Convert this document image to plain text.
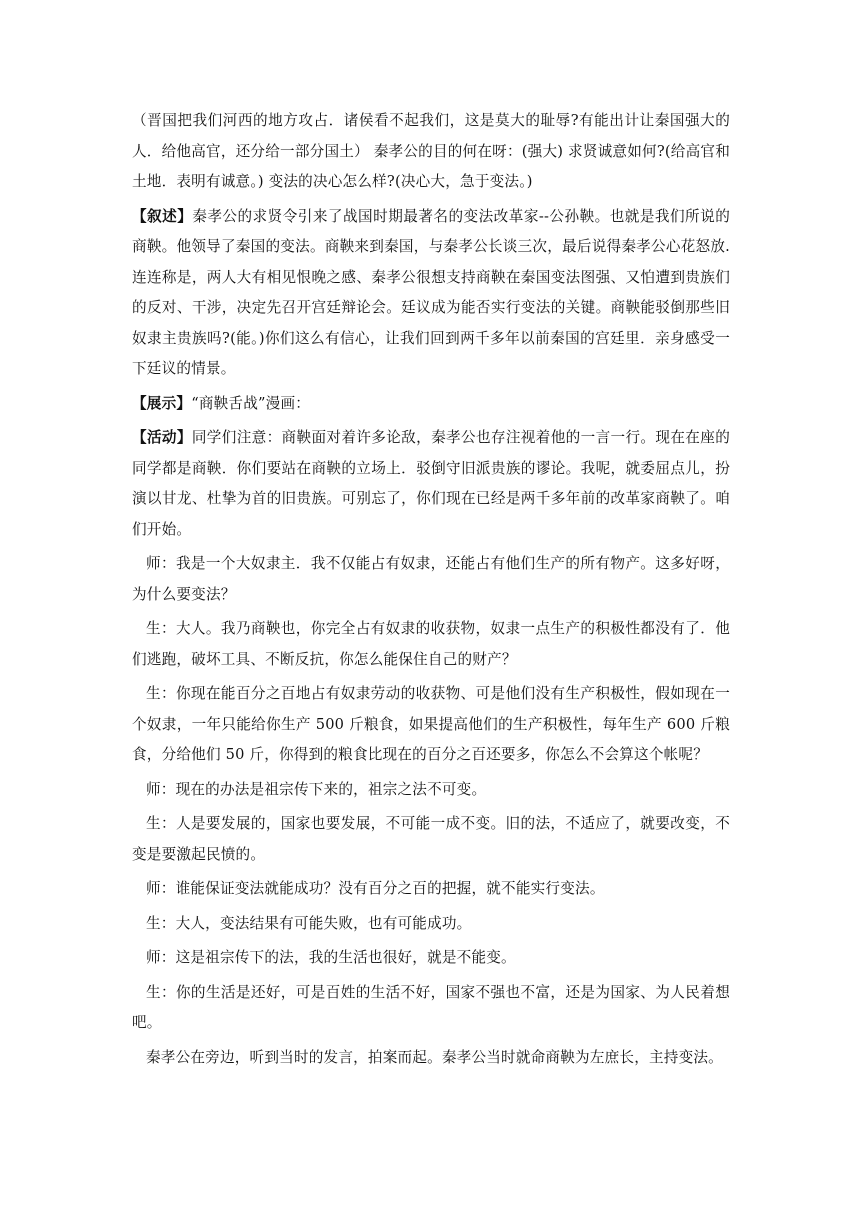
（晋国把我们河西的地方攻占．诸侯看不起我们，这是莫大的耻辱?有能出计让秦国强大的人．给他高官，还分给一部分国土） 秦孝公的目的何在呀：(强大) 求贤诚意如何?(给高官和土地．表明有诚意。) 变法的决心怎么样?(决心大，急于变法。)

【叙述】秦孝公的求贤令引来了战国时期最著名的变法改革家--公孙鞅。也就是我们所说的商鞅。他领导了秦国的变法。商鞅来到秦国，与秦孝公长谈三次，最后说得秦孝公心花怒放.连连称是，两人大有相见恨晚之感、秦孝公很想支持商鞅在秦国变法图强、又怕遭到贵族们的反对、干涉，决定先召开宫廷辩论会。廷议成为能否实行变法的关键。商鞅能驳倒那些旧奴隶主贵族吗?(能。)你们这么有信心，让我们回到两千多年以前秦国的宫廷里．亲身感受一下廷议的情景。

【展示】“商鞅舌战”漫画：

【活动】同学们注意：商鞅面对着许多论敌，秦孝公也存注视着他的一言一行。现在在座的同学都是商鞅．你们要站在商鞅的立场上．驳倒守旧派贵族的谬论。我呢，就委屈点儿，扮演以甘龙、杜挚为首的旧贵族。可别忘了，你们现在已经是两千多年前的改革家商鞅了。咱们开始。

师：我是一个大奴隶主．我不仅能占有奴隶，还能占有他们生产的所有物产。这多好呀，为什么要变法？

生：大人。我乃商鞅也，你完全占有奴隶的收获物，奴隶一点生产的积极性都没有了．他们逃跑，破坏工具、不断反抗，你怎么能保住自己的财产？

生：你现在能百分之百地占有奴隶劳动的收获物、可是他们没有生产积极性，假如现在一个奴隶，一年只能给你生产 500 斤粮食，如果提高他们的生产积极性，每年生产 600 斤粮食，分给他们 50 斤，你得到的粮食比现在的百分之百还要多，你怎么不会算这个帐呢？

师：现在的办法是祖宗传下来的，祖宗之法不可变。

生：人是要发展的，国家也要发展，不可能一成不变。旧的法，不适应了，就要改变，不变是要激起民愤的。

师：谁能保证变法就能成功？没有百分之百的把握，就不能实行变法。

生：大人，变法结果有可能失败，也有可能成功。

师：这是祖宗传下的法，我的生活也很好，就是不能变。

生：你的生活是还好，可是百姓的生活不好，国家不强也不富，还是为国家、为人民着想吧。

秦孝公在旁边，听到当时的发言，拍案而起。秦孝公当时就命商鞅为左庶长，主持变法。
